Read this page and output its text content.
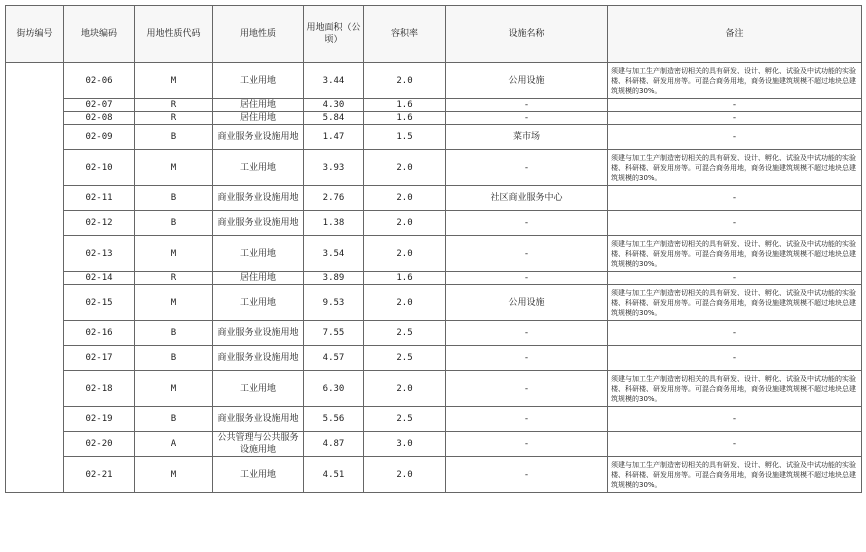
街坊编号	地块编码	用地性质代码	用地性质	用地面积（公顷）	容积率	设施名称	备注
	02-06	M	工业用地	3.44	2.0	公用设施	须建与加工生产制造密切相关的具有研发、设计、孵化、试验及中试功能的实验楼、科研楼、研发用房等。可混合商务用地，商务设施建筑规模不超过地块总建筑规模的30%。
	02-07	R	居住用地	4.30	1.6	-	-
	02-08	R	居住用地	5.84	1.6	-	-
	02-09	B	商业服务业设施用地	1.47	1.5	菜市场	-
	02-10	M	工业用地	3.93	2.0	-	须建与加工生产制造密切相关的具有研发、设计、孵化、试验及中试功能的实验楼、科研楼、研发用房等。可混合商务用地，商务设施建筑规模不超过地块总建筑规模的30%。
	02-11	B	商业服务业设施用地	2.76	2.0	社区商业服务中心	-
	02-12	B	商业服务业设施用地	1.38	2.0	-	-
	02-13	M	工业用地	3.54	2.0	-	须建与加工生产制造密切相关的具有研发、设计、孵化、试验及中试功能的实验楼、科研楼、研发用房等。可混合商务用地，商务设施建筑规模不超过地块总建筑规模的30%。
	02-14	R	居住用地	3.89	1.6	-	-
	02-15	M	工业用地	9.53	2.0	公用设施	须建与加工生产制造密切相关的具有研发、设计、孵化、试验及中试功能的实验楼、科研楼、研发用房等。可混合商务用地，商务设施建筑规模不超过地块总建筑规模的30%。
	02-16	B	商业服务业设施用地	7.55	2.5	-	-
	02-17	B	商业服务业设施用地	4.57	2.5	-	-
	02-18	M	工业用地	6.30	2.0	-	须建与加工生产制造密切相关的具有研发、设计、孵化、试验及中试功能的实验楼、科研楼、研发用房等。可混合商务用地，商务设施建筑规模不超过地块总建筑规模的30%。
	02-19	B	商业服务业设施用地	5.56	2.5	-	-
	02-20	A	公共管理与公共服务设施用地	4.87	3.0	-	-
	02-21	M	工业用地	4.51	2.0	-	须建与加工生产制造密切相关的具有研发、设计、孵化、试验及中试功能的实验楼、科研楼、研发用房等。可混合商务用地，商务设施建筑规模不超过地块总建筑规模的30%。
